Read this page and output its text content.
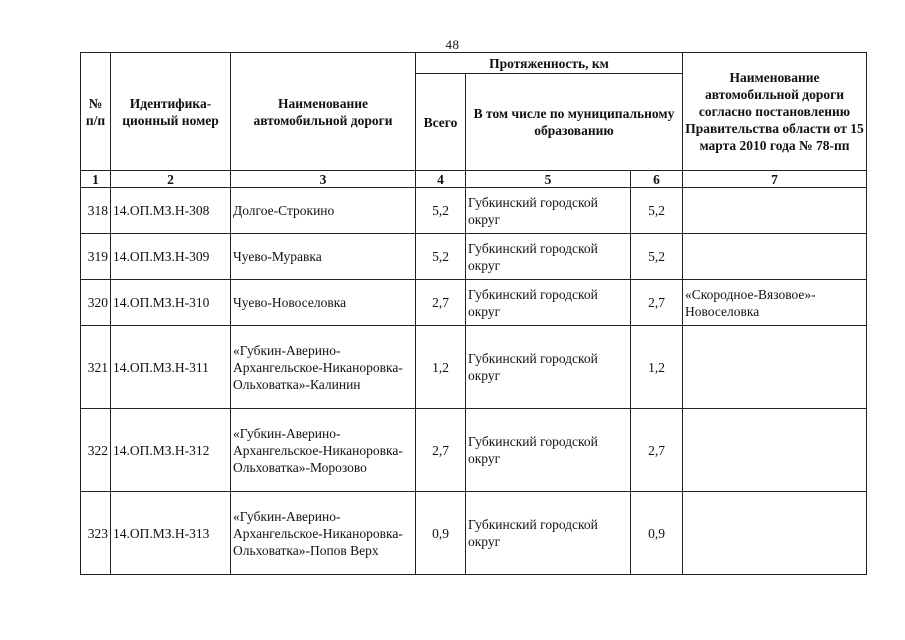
48
№ п/п	Идентифика-ционный номер	Наименование автомобильной дороги	Протяженность, км			Наименование автомобильной дороги согласно постановлению Правительства области от 15 марта 2010 года № 78-пп
			Всего	В том числе по муниципальному образованию		
1	2	3	4	5	6	7
318	14.ОП.МЗ.Н-308	Долгое-Строкино	5,2	Губкинский городской округ	5,2	
319	14.ОП.МЗ.Н-309	Чуево-Муравка	5,2	Губкинский городской округ	5,2	
320	14.ОП.МЗ.Н-310	Чуево-Новоселовка	2,7	Губкинский городской округ	2,7	«Скородное-Вязовое»-Новоселовка
321	14.ОП.МЗ.Н-311	«Губкин-Аверино-Архангельское-Никаноровка-Ольховатка»-Калинин	1,2	Губкинский городской округ	1,2	
322	14.ОП.МЗ.Н-312	«Губкин-Аверино-Архангельское-Никаноровка-Ольховатка»-Морозово	2,7	Губкинский городской округ	2,7	
323	14.ОП.МЗ.Н-313	«Губкин-Аверино-Архангельское-Никаноровка-Ольховатка»-Попов Верх	0,9	Губкинский городской округ	0,9	
